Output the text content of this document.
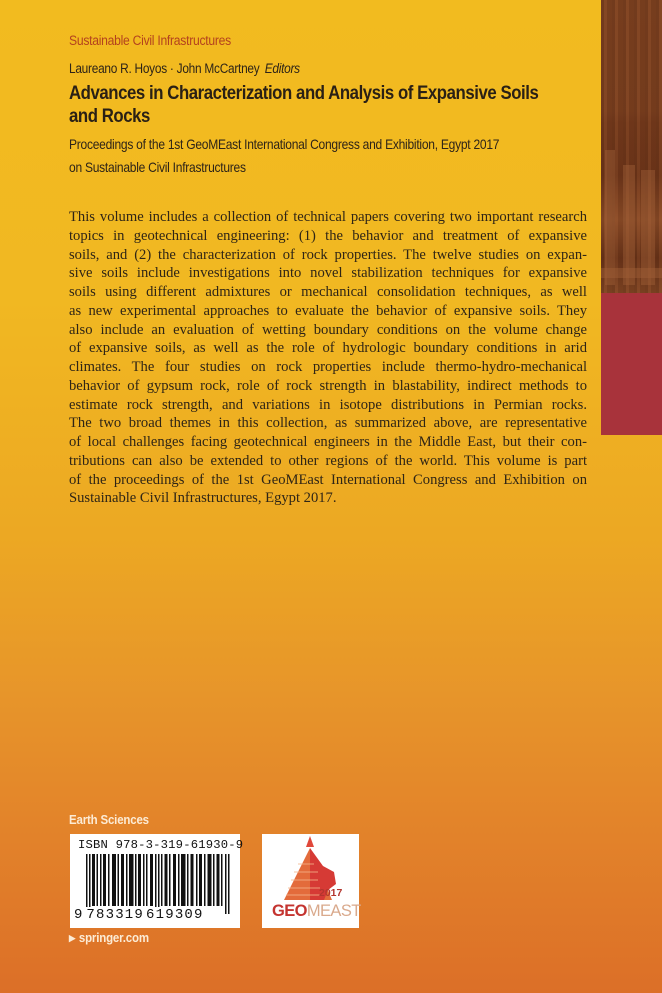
Sustainable Civil Infrastructures
Laureano R. Hoyos · John McCartney Editors
Advances in Characterization and Analysis of Expansive Soils
and Rocks
Proceedings of the 1st GeoMEast International Congress and Exhibition, Egypt 2017
on Sustainable Civil Infrastructures
This volume includes a collection of technical papers covering two important research
topics in geotechnical engineering: (1) the behavior and treatment of expansive
soils, and (2) the characterization of rock properties. The twelve studies on expan-
sive soils include investigations into novel stabilization techniques for expansive
soils using different admixtures or mechanical consolidation techniques, as well
as new experimental approaches to evaluate the behavior of expansive soils. They
also include an evaluation of wetting boundary conditions on the volume change
of expansive soils, as well as the role of hydrologic boundary conditions in arid
climates. The four studies on rock properties include thermo-hydro-mechanical
behavior of gypsum rock, role of rock strength in blastability, indirect methods to
estimate rock strength, and variations in isotope distributions in Permian rocks.
The two broad themes in this collection, as summarized above, are representative
of local challenges facing geotechnical engineers in the Middle East, but their con-
tributions can also be extended to other regions of the world. This volume is part
of the proceedings of the 1st GeoMEast International Congress and Exhibition on
Sustainable Civil Infrastructures, Egypt 2017.
Earth Sciences
ISBN 978-3-319-61930-9
9 783319 619309
2017
GEOMEAST
▶ springer.com
